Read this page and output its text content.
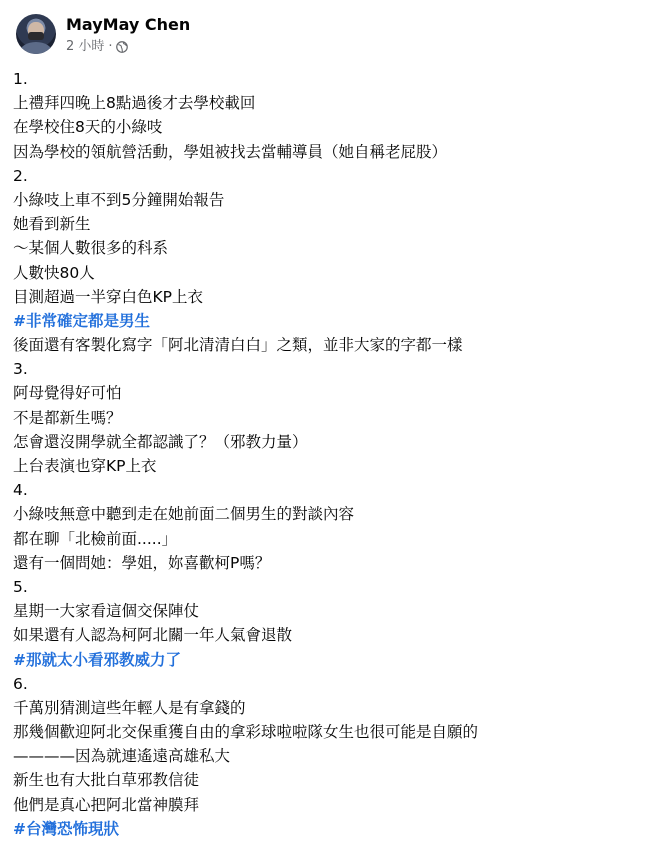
MayMay Chen
2 小時 ·
1.
上禮拜四晚上8點過後才去學校載回
在學校住8天的小綠吱
因為學校的領航營活動，學姐被找去當輔導員（她自稱老屁股）
2.
小綠吱上車不到5分鐘開始報告
她看到新生
～某個人數很多的科系
人數快80人
目測超過一半穿白色KP上衣
#非常確定都是男生
後面還有客製化寫字「阿北清清白白」之類，並非大家的字都一樣
3.
阿母覺得好可怕
不是都新生嗎？
怎會還沒開學就全都認識了？（邪教力量）
上台表演也穿KP上衣
4.
小綠吱無意中聽到走在她前面二個男生的對談內容
都在聊「北檢前面.....」
還有一個問她：學姐，妳喜歡柯P嗎？
5.
星期一大家看這個交保陣仗
如果還有人認為柯阿北關一年人氣會退散
#那就太小看邪教威力了
6.
千萬別猜測這些年輕人是有拿錢的
那幾個歡迎阿北交保重獲自由的拿彩球啦啦隊女生也很可能是自願的
————因為就連遙遠高雄私大
新生也有大批白草邪教信徒
他們是真心把阿北當神膜拜
#台灣恐怖現狀
